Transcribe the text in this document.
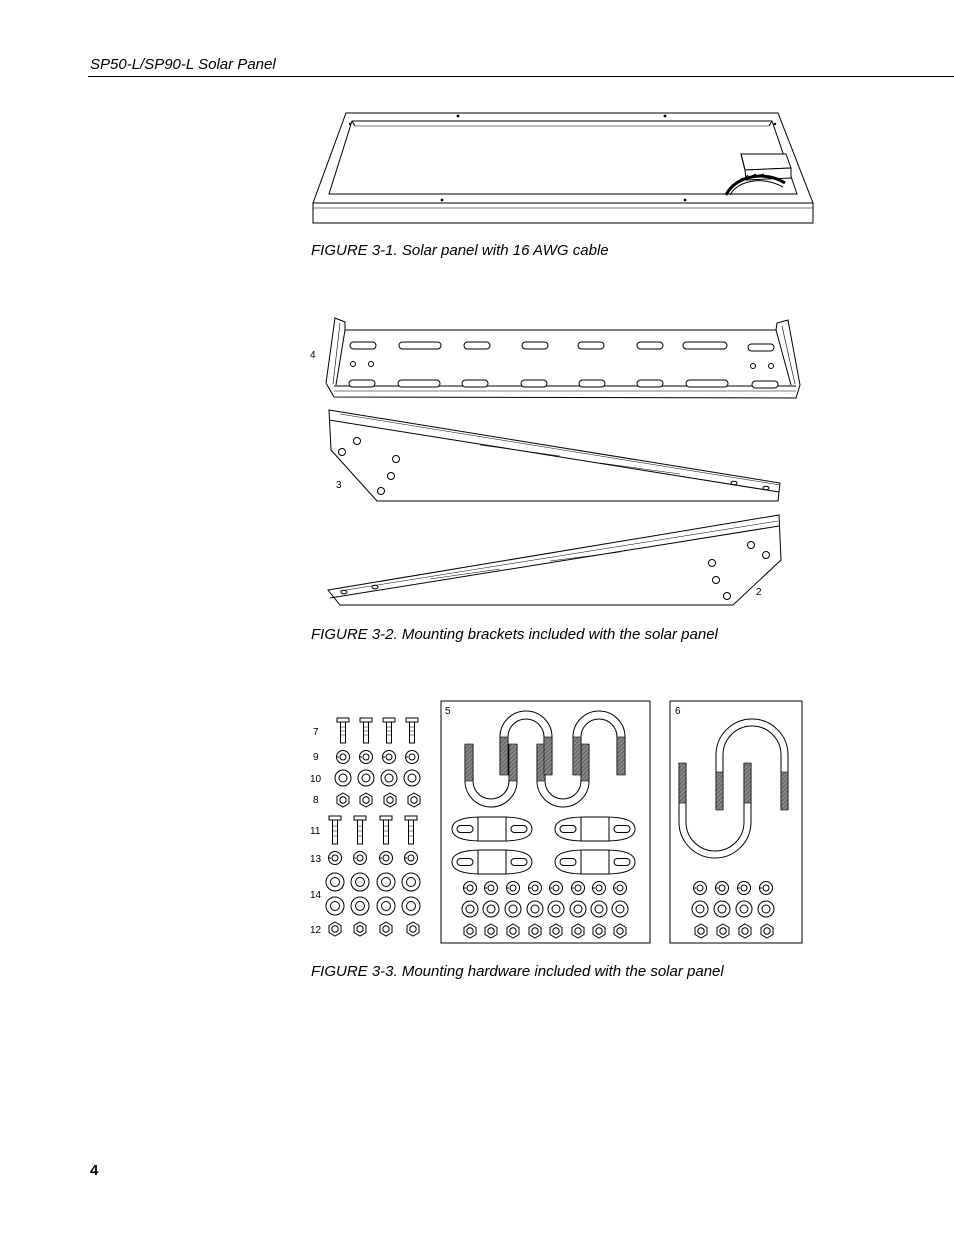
SP50-L/SP90-L Solar Panel
FIGURE 3-1. Solar panel with 16 AWG cable
4
3
2
FIGURE 3-2. Mounting brackets included with the solar panel
7
9
10
8
11
13
14
12
5	6
FIGURE 3-3. Mounting hardware included with the solar panel
4
